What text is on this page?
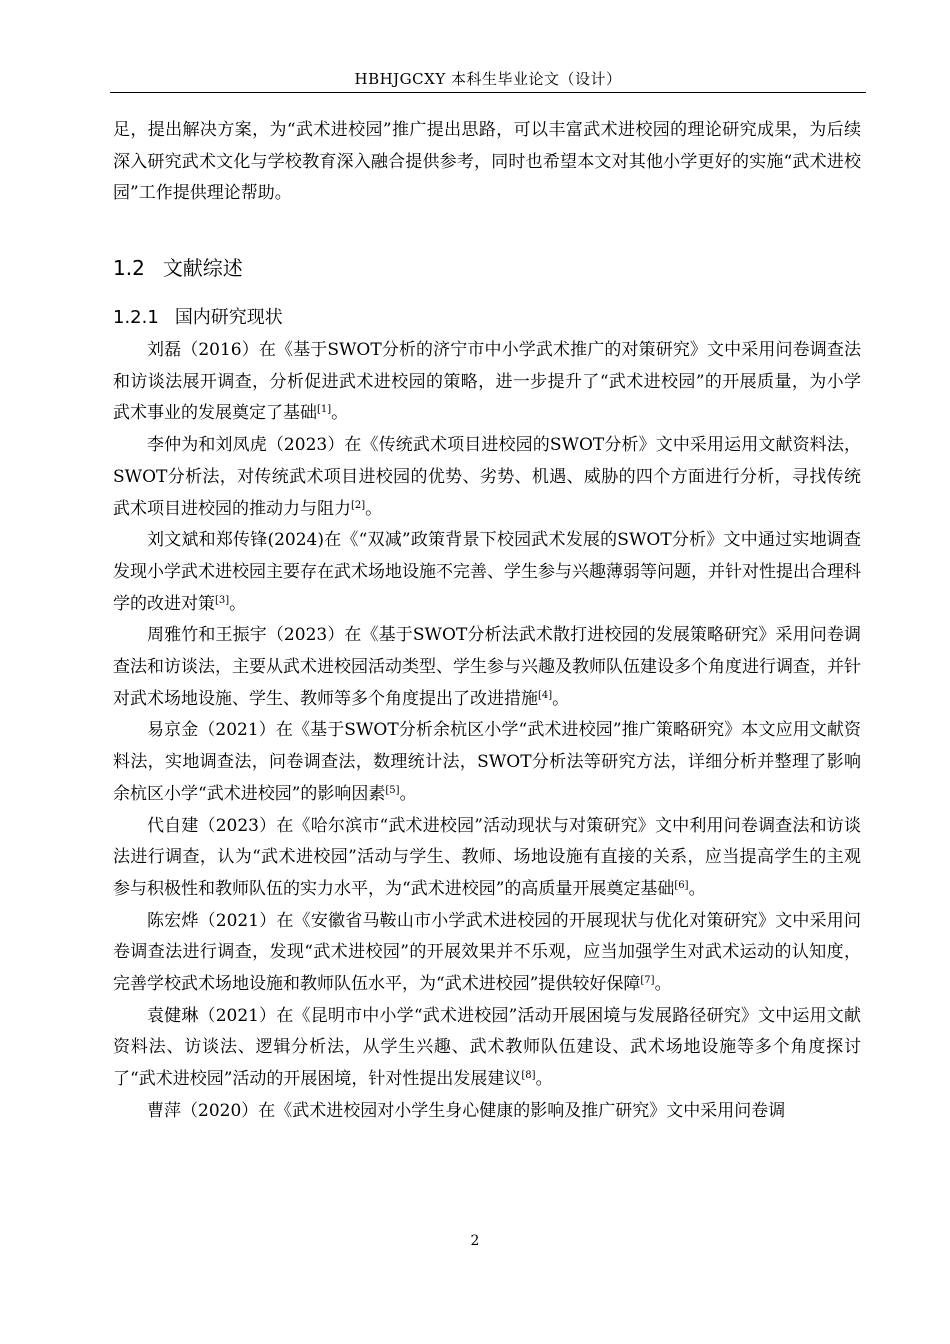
HBHJGCXY 本科生毕业论文（设计）

足，提出解决方案，为“武术进校园”推广提出思路，可以丰富武术进校园的理论研究成果，为后续深入研究武术文化与学校教育深入融合提供参考，同时也希望本文对其他小学更好的实施“武术进校园”工作提供理论帮助。

1.2 文献综述
1.2.1 国内研究现状

刘磊（2016）在《基于SWOT分析的济宁市中小学武术推广的对策研究》文中采用问卷调查法和访谈法展开调查，分析促进武术进校园的策略，进一步提升了“武术进校园”的开展质量，为小学武术事业的发展奠定了基础[1]。

李仲为和刘凤虎（2023）在《传统武术项目进校园的SWOT分析》文中采用运用文献资料法，SWOT分析法，对传统武术项目进校园的优势、劣势、机遇、威胁的四个方面进行分析，寻找传统武术项目进校园的推动力与阻力[2]。

刘文斌和郑传锋(2024)在《“双减”政策背景下校园武术发展的SWOT分析》文中通过实地调查发现小学武术进校园主要存在武术场地设施不完善、学生参与兴趣薄弱等问题，并针对性提出合理科学的改进对策[3]。

周雅竹和王振宇（2023）在《基于SWOT分析法武术散打进校园的发展策略研究》采用问卷调查法和访谈法，主要从武术进校园活动类型、学生参与兴趣及教师队伍建设多个角度进行调查，并针对武术场地设施、学生、教师等多个角度提出了改进措施[4]。

易京金（2021）在《基于SWOT分析余杭区小学“武术进校园”推广策略研究》本文应用文献资料法，实地调查法，问卷调查法，数理统计法，SWOT分析法等研究方法，详细分析并整理了影响余杭区小学“武术进校园”的影响因素[5]。

代自建（2023）在《哈尔滨市“武术进校园”活动现状与对策研究》文中利用问卷调查法和访谈法进行调查，认为“武术进校园”活动与学生、教师、场地设施有直接的关系，应当提高学生的主观参与积极性和教师队伍的实力水平，为“武术进校园”的高质量开展奠定基础[6]。

陈宏烨（2021）在《安徽省马鞍山市小学武术进校园的开展现状与优化对策研究》文中采用问卷调查法进行调查，发现“武术进校园”的开展效果并不乐观，应当加强学生对武术运动的认知度，完善学校武术场地设施和教师队伍水平，为“武术进校园”提供较好保障[7]。

袁健琳（2021）在《昆明市中小学“武术进校园”活动开展困境与发展路径研究》文中运用文献资料法、访谈法、逻辑分析法，从学生兴趣、武术教师队伍建设、武术场地设施等多个角度探讨了“武术进校园”活动的开展困境，针对性提出发展建议[8]。

曹萍（2020）在《武术进校园对小学生身心健康的影响及推广研究》文中采用问卷调

2
